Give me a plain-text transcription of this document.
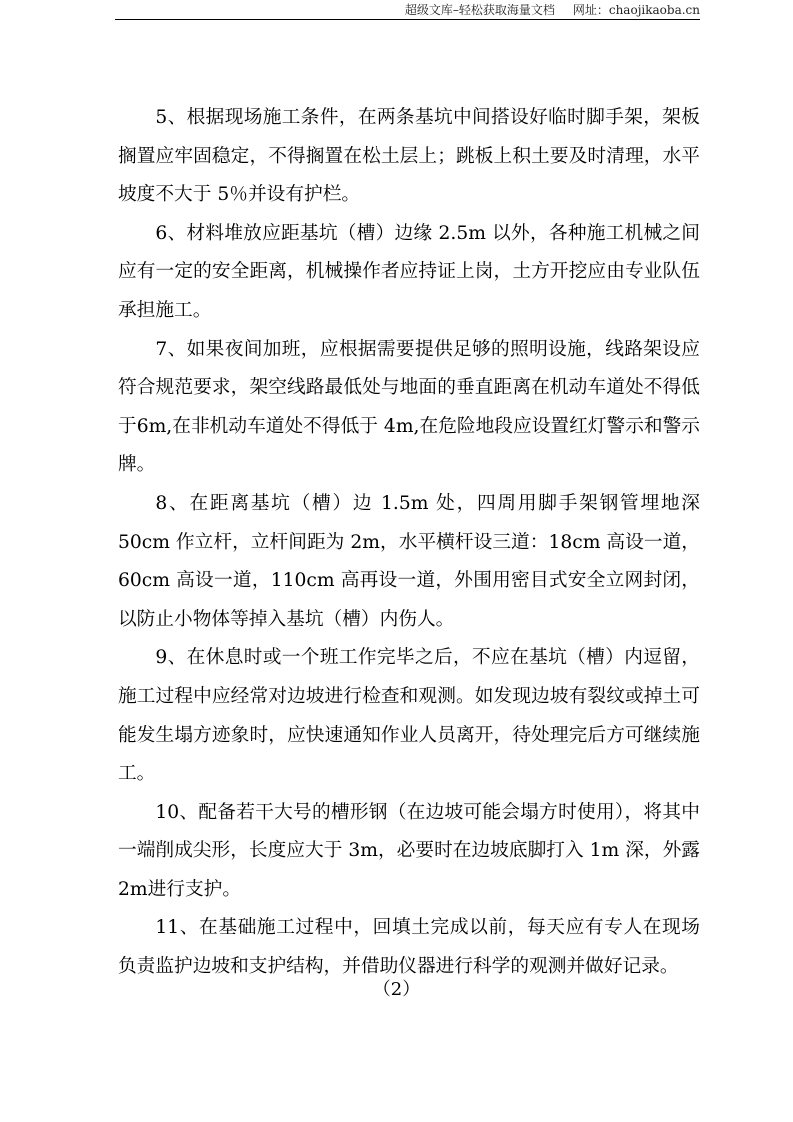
超级文库–轻松获取海量文档 网址：chaojikaoba.cn

5、根据现场施工条件，在两条基坑中间搭设好临时脚手架，架板搁置应牢固稳定，不得搁置在松土层上；跳板上积土要及时清理，水平坡度不大于 5％并设有护栏。

6、材料堆放应距基坑（槽）边缘 2.5m 以外，各种施工机械之间应有一定的安全距离，机械操作者应持证上岗，土方开挖应由专业队伍承担施工。

7、如果夜间加班，应根据需要提供足够的照明设施，线路架设应符合规范要求，架空线路最低处与地面的垂直距离在机动车道处不得低于6m,在非机动车道处不得低于 4m,在危险地段应设置红灯警示和警示牌。

8、在距离基坑（槽）边 1.5m 处，四周用脚手架钢管埋地深 50cm 作立杆，立杆间距为 2m，水平横杆设三道：18cm 高设一道，60cm 高设一道，110cm 高再设一道，外围用密目式安全立网封闭，以防止小物体等掉入基坑（槽）内伤人。

9、在休息时或一个班工作完毕之后，不应在基坑（槽）内逗留，施工过程中应经常对边坡进行检查和观测。如发现边坡有裂纹或掉土可能发生塌方迹象时，应快速通知作业人员离开，待处理完后方可继续施工。

10、配备若干大号的槽形钢（在边坡可能会塌方时使用），将其中一端削成尖形，长度应大于 3m，必要时在边坡底脚打入 1m 深，外露 2m进行支护。

11、在基础施工过程中，回填土完成以前，每天应有专人在现场负责监护边坡和支护结构，并借助仪器进行科学的观测并做好记录。

（2）
